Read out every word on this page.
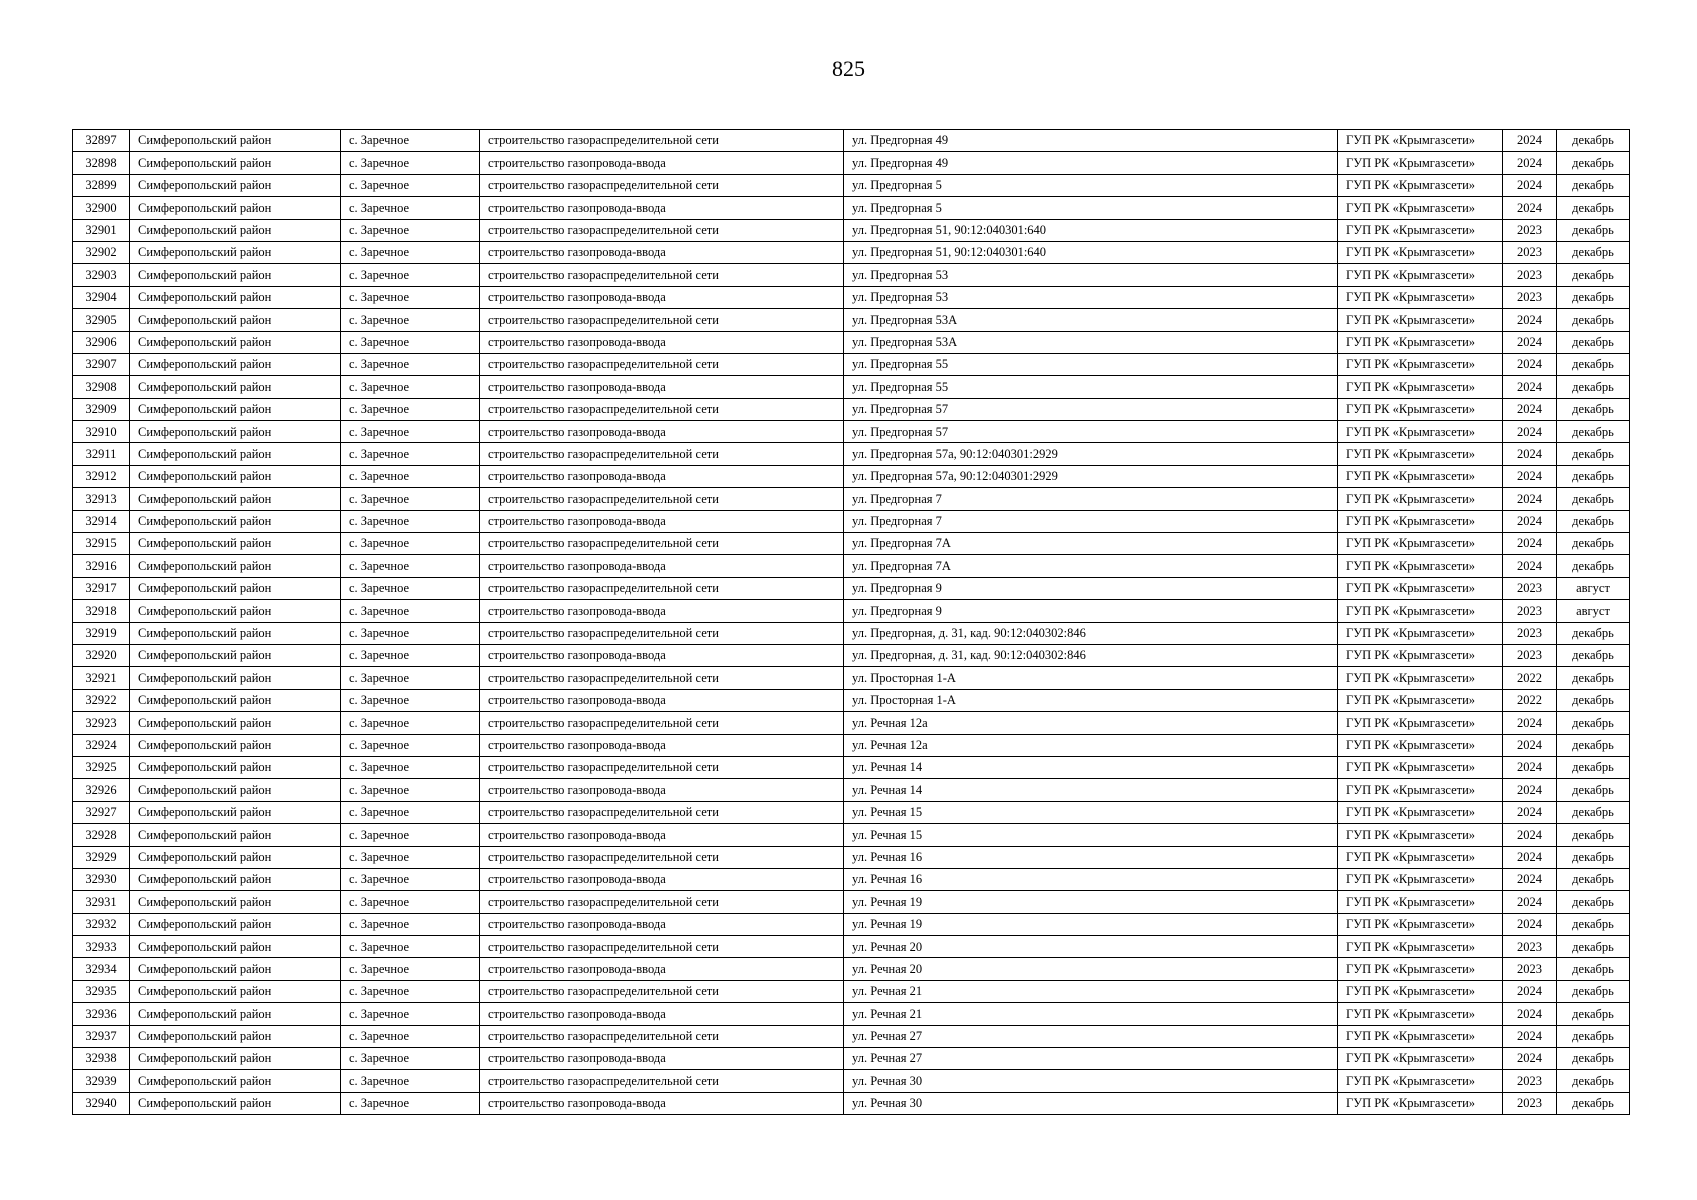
825
32897	Симферопольский район	с. Заречное	строительство газораспределительной сети	ул. Предгорная 49	ГУП РК «Крымгазсети»	2024	декабрь
32898	Симферопольский район	с. Заречное	строительство газопровода-ввода	ул. Предгорная 49	ГУП РК «Крымгазсети»	2024	декабрь
32899	Симферопольский район	с. Заречное	строительство газораспределительной сети	ул. Предгорная 5	ГУП РК «Крымгазсети»	2024	декабрь
32900	Симферопольский район	с. Заречное	строительство газопровода-ввода	ул. Предгорная 5	ГУП РК «Крымгазсети»	2024	декабрь
32901	Симферопольский район	с. Заречное	строительство газораспределительной сети	ул. Предгорная 51, 90:12:040301:640	ГУП РК «Крымгазсети»	2023	декабрь
32902	Симферопольский район	с. Заречное	строительство газопровода-ввода	ул. Предгорная 51, 90:12:040301:640	ГУП РК «Крымгазсети»	2023	декабрь
32903	Симферопольский район	с. Заречное	строительство газораспределительной сети	ул. Предгорная 53	ГУП РК «Крымгазсети»	2023	декабрь
32904	Симферопольский район	с. Заречное	строительство газопровода-ввода	ул. Предгорная 53	ГУП РК «Крымгазсети»	2023	декабрь
32905	Симферопольский район	с. Заречное	строительство газораспределительной сети	ул. Предгорная 53А	ГУП РК «Крымгазсети»	2024	декабрь
32906	Симферопольский район	с. Заречное	строительство газопровода-ввода	ул. Предгорная 53А	ГУП РК «Крымгазсети»	2024	декабрь
32907	Симферопольский район	с. Заречное	строительство газораспределительной сети	ул. Предгорная 55	ГУП РК «Крымгазсети»	2024	декабрь
32908	Симферопольский район	с. Заречное	строительство газопровода-ввода	ул. Предгорная 55	ГУП РК «Крымгазсети»	2024	декабрь
32909	Симферопольский район	с. Заречное	строительство газораспределительной сети	ул. Предгорная 57	ГУП РК «Крымгазсети»	2024	декабрь
32910	Симферопольский район	с. Заречное	строительство газопровода-ввода	ул. Предгорная 57	ГУП РК «Крымгазсети»	2024	декабрь
32911	Симферопольский район	с. Заречное	строительство газораспределительной сети	ул. Предгорная 57а, 90:12:040301:2929	ГУП РК «Крымгазсети»	2024	декабрь
32912	Симферопольский район	с. Заречное	строительство газопровода-ввода	ул. Предгорная 57а, 90:12:040301:2929	ГУП РК «Крымгазсети»	2024	декабрь
32913	Симферопольский район	с. Заречное	строительство газораспределительной сети	ул. Предгорная 7	ГУП РК «Крымгазсети»	2024	декабрь
32914	Симферопольский район	с. Заречное	строительство газопровода-ввода	ул. Предгорная 7	ГУП РК «Крымгазсети»	2024	декабрь
32915	Симферопольский район	с. Заречное	строительство газораспределительной сети	ул. Предгорная 7А	ГУП РК «Крымгазсети»	2024	декабрь
32916	Симферопольский район	с. Заречное	строительство газопровода-ввода	ул. Предгорная 7А	ГУП РК «Крымгазсети»	2024	декабрь
32917	Симферопольский район	с. Заречное	строительство газораспределительной сети	ул. Предгорная 9	ГУП РК «Крымгазсети»	2023	август
32918	Симферопольский район	с. Заречное	строительство газопровода-ввода	ул. Предгорная 9	ГУП РК «Крымгазсети»	2023	август
32919	Симферопольский район	с. Заречное	строительство газораспределительной сети	ул. Предгорная, д. 31, кад. 90:12:040302:846	ГУП РК «Крымгазсети»	2023	декабрь
32920	Симферопольский район	с. Заречное	строительство газопровода-ввода	ул. Предгорная, д. 31, кад. 90:12:040302:846	ГУП РК «Крымгазсети»	2023	декабрь
32921	Симферопольский район	с. Заречное	строительство газораспределительной сети	ул. Просторная 1-А	ГУП РК «Крымгазсети»	2022	декабрь
32922	Симферопольский район	с. Заречное	строительство газопровода-ввода	ул. Просторная 1-А	ГУП РК «Крымгазсети»	2022	декабрь
32923	Симферопольский район	с. Заречное	строительство газораспределительной сети	ул. Речная 12а	ГУП РК «Крымгазсети»	2024	декабрь
32924	Симферопольский район	с. Заречное	строительство газопровода-ввода	ул. Речная 12а	ГУП РК «Крымгазсети»	2024	декабрь
32925	Симферопольский район	с. Заречное	строительство газораспределительной сети	ул. Речная 14	ГУП РК «Крымгазсети»	2024	декабрь
32926	Симферопольский район	с. Заречное	строительство газопровода-ввода	ул. Речная 14	ГУП РК «Крымгазсети»	2024	декабрь
32927	Симферопольский район	с. Заречное	строительство газораспределительной сети	ул. Речная 15	ГУП РК «Крымгазсети»	2024	декабрь
32928	Симферопольский район	с. Заречное	строительство газопровода-ввода	ул. Речная 15	ГУП РК «Крымгазсети»	2024	декабрь
32929	Симферопольский район	с. Заречное	строительство газораспределительной сети	ул. Речная 16	ГУП РК «Крымгазсети»	2024	декабрь
32930	Симферопольский район	с. Заречное	строительство газопровода-ввода	ул. Речная 16	ГУП РК «Крымгазсети»	2024	декабрь
32931	Симферопольский район	с. Заречное	строительство газораспределительной сети	ул. Речная 19	ГУП РК «Крымгазсети»	2024	декабрь
32932	Симферопольский район	с. Заречное	строительство газопровода-ввода	ул. Речная 19	ГУП РК «Крымгазсети»	2024	декабрь
32933	Симферопольский район	с. Заречное	строительство газораспределительной сети	ул. Речная 20	ГУП РК «Крымгазсети»	2023	декабрь
32934	Симферопольский район	с. Заречное	строительство газопровода-ввода	ул. Речная 20	ГУП РК «Крымгазсети»	2023	декабрь
32935	Симферопольский район	с. Заречное	строительство газораспределительной сети	ул. Речная 21	ГУП РК «Крымгазсети»	2024	декабрь
32936	Симферопольский район	с. Заречное	строительство газопровода-ввода	ул. Речная 21	ГУП РК «Крымгазсети»	2024	декабрь
32937	Симферопольский район	с. Заречное	строительство газораспределительной сети	ул. Речная 27	ГУП РК «Крымгазсети»	2024	декабрь
32938	Симферопольский район	с. Заречное	строительство газопровода-ввода	ул. Речная 27	ГУП РК «Крымгазсети»	2024	декабрь
32939	Симферопольский район	с. Заречное	строительство газораспределительной сети	ул. Речная 30	ГУП РК «Крымгазсети»	2023	декабрь
32940	Симферопольский район	с. Заречное	строительство газопровода-ввода	ул. Речная 30	ГУП РК «Крымгазсети»	2023	декабрь
